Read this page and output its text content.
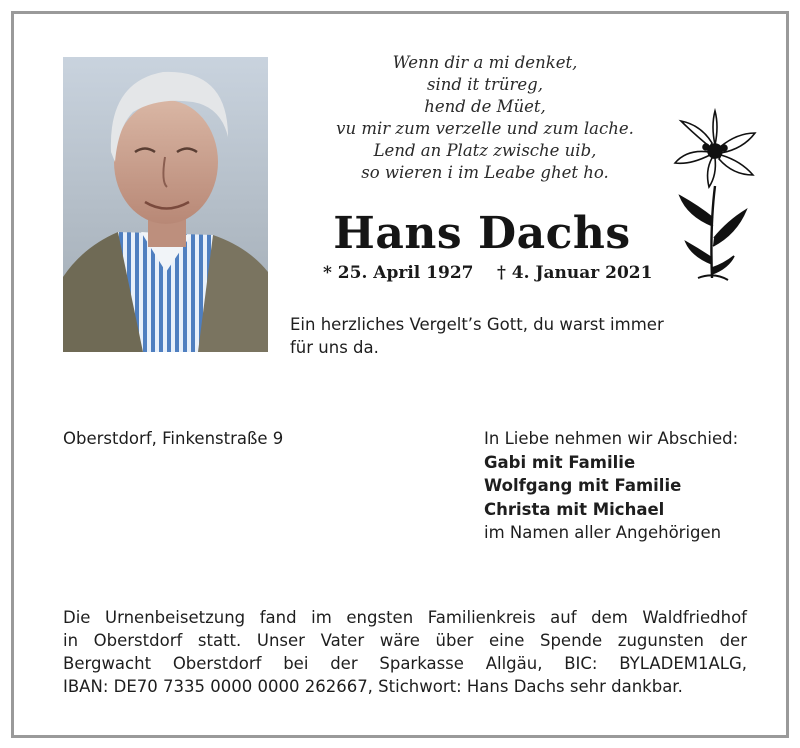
Wenn dir a mi denket,
sind it trüreg,
hend de Müet,
vu mir zum verzelle und zum lache.
Lend an Platz zwische uib,
so wieren i im Leabe ghet ho.
Hans Dachs
* 25. April 1927 † 4. Januar 2021
Ein herzliches Vergelt’s Gott, du warst immer
für uns da.
Oberstdorf, Finkenstraße 9	In Liebe nehmen wir Abschied:
Gabi mit Familie
Wolfgang mit Familie
Christa mit Michael
im Namen aller Angehörigen
Die Urnenbeisetzung fand im engsten Familienkreis auf dem Waldfriedhof
in Oberstdorf statt. Unser Vater wäre über eine Spende zugunsten der
Bergwacht Oberstdorf bei der Sparkasse Allgäu, BIC: BYLADEM1ALG,
IBAN: DE70 7335 0000 0000 262667, Stichwort: Hans Dachs sehr dankbar.
